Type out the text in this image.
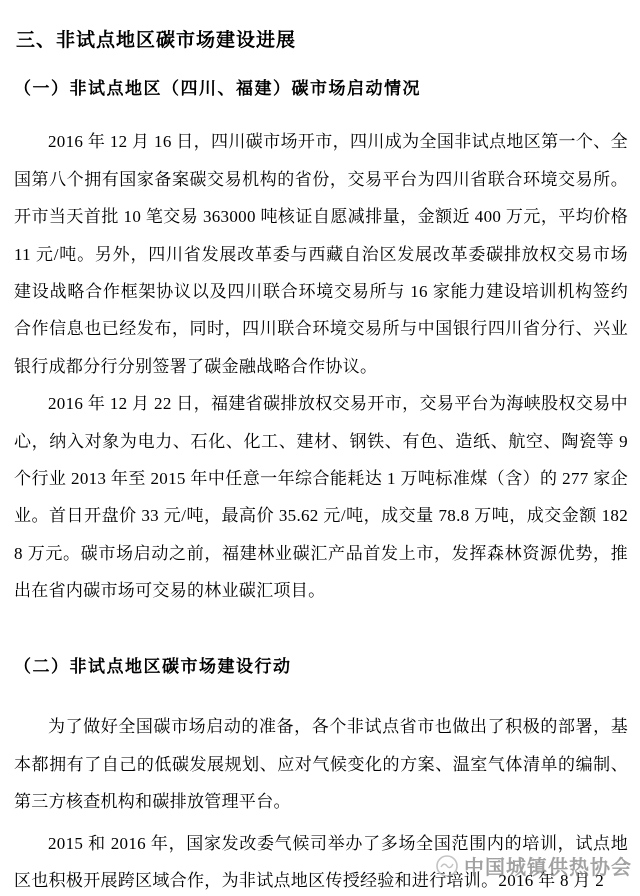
三、非试点地区碳市场建设进展
（一）非试点地区（四川、福建）碳市场启动情况

2016 年 12 月 16 日，四川碳市场开市，四川成为全国非试点地区第一个、全国第八个拥有国家备案碳交易机构的省份，交易平台为四川省联合环境交易所。开市当天首批 10 笔交易 363000 吨核证自愿减排量，金额近 400 万元，平均价格 11 元/吨。另外，四川省发展改革委与西藏自治区发展改革委碳排放权交易市场建设战略合作框架协议以及四川联合环境交易所与 16 家能力建设培训机构签约合作信息也已经发布，同时，四川联合环境交易所与中国银行四川省分行、兴业银行成都分行分别签署了碳金融战略合作协议。

2016 年 12 月 22 日，福建省碳排放权交易开市，交易平台为海峡股权交易中心，纳入对象为电力、石化、化工、建材、钢铁、有色、造纸、航空、陶瓷等 9 个行业 2013 年至 2015 年中任意一年综合能耗达 1 万吨标准煤（含）的 277 家企业。首日开盘价 33 元/吨，最高价 35.62 元/吨，成交量 78.8 万吨，成交金额 1828 万元。碳市场启动之前，福建林业碳汇产品首发上市，发挥森林资源优势，推出在省内碳市场可交易的林业碳汇项目。

（二）非试点地区碳市场建设行动

为了做好全国碳市场启动的准备，各个非试点省市也做出了积极的部署，基本都拥有了自己的低碳发展规划、应对气候变化的方案、温室气体清单的编制、第三方核查机构和碳排放管理平台。

2015 和 2016 年，国家发改委气候司举办了多场全国范围内的培训，试点地区也积极开展跨区域合作，为非试点地区传授经验和进行培训。2016 年 8 月 2

中国城镇供热协会
